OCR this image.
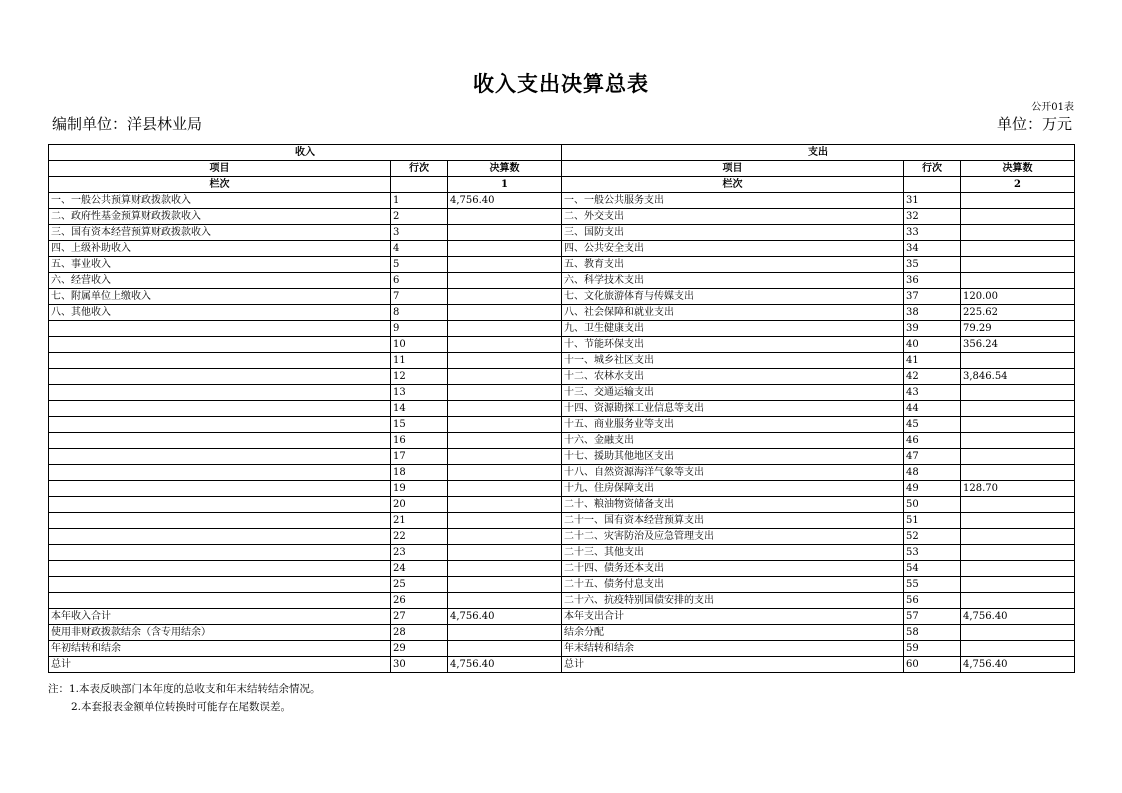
收入支出决算总表
公开01表
编制单位：洋县林业局	单位：万元
收入			支出		
项目	行次	决算数	项目	行次	决算数
栏次		1	栏次		2
一、一般公共预算财政拨款收入	1	4,756.40	一、一般公共服务支出	31	
二、政府性基金预算财政拨款收入	2		二、外交支出	32	
三、国有资本经营预算财政拨款收入	3		三、国防支出	33	
四、上级补助收入	4		四、公共安全支出	34	
五、事业收入	5		五、教育支出	35	
六、经营收入	6		六、科学技术支出	36	
七、附属单位上缴收入	7		七、文化旅游体育与传媒支出	37	120.00
八、其他收入	8		八、社会保障和就业支出	38	225.62
	9		九、卫生健康支出	39	79.29
	10		十、节能环保支出	40	356.24
	11		十一、城乡社区支出	41	
	12		十二、农林水支出	42	3,846.54
	13		十三、交通运输支出	43	
	14		十四、资源勘探工业信息等支出	44	
	15		十五、商业服务业等支出	45	
	16		十六、金融支出	46	
	17		十七、援助其他地区支出	47	
	18		十八、自然资源海洋气象等支出	48	
	19		十九、住房保障支出	49	128.70
	20		二十、粮油物资储备支出	50	
	21		二十一、国有资本经营预算支出	51	
	22		二十二、灾害防治及应急管理支出	52	
	23		二十三、其他支出	53	
	24		二十四、债务还本支出	54	
	25		二十五、债务付息支出	55	
	26		二十六、抗疫特别国债安排的支出	56	
本年收入合计	27	4,756.40	本年支出合计	57	4,756.40
使用非财政拨款结余（含专用结余）	28		结余分配	58	
年初结转和结余	29		年末结转和结余	59	
总计	30	4,756.40	总计	60	4,756.40
注：1.本表反映部门本年度的总收支和年末结转结余情况。
2.本套报表金额单位转换时可能存在尾数误差。
